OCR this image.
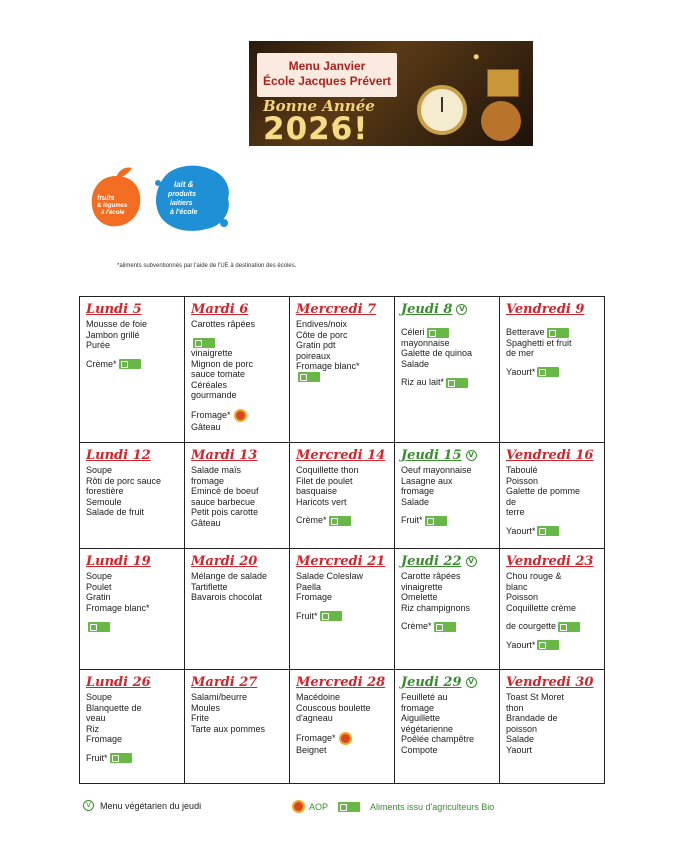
Menu Janvier
École Jacques Prévert
Bonne Année
2026!
fruits
& légumes
à l'école
lait &
produits
laitiers
à l'école
*aliments subventionnés par l'aide de l'UE à destination des écoles.
Lundi 5
Mousse de foie
Jambon grillé
Purée
Crème*
Mardi 6
Carottes râpées
vinaigrette
Mignon de porc
sauce tomate
Céréales
gourmande
Fromage*
Gâteau
Mercredi 7
Endives/noix
Côte de porc
Gratin pdt
poireaux
Fromage blanc*
Jeudi 8 V
Céleri
mayonnaise
Galette de quinoa
Salade
Riz au lait*
Vendredi 9
Betterave
Spaghetti et fruit
de mer
Yaourt*
Lundi 12
Soupe
Rôti de porc sauce
forestière
Semoule
Salade de fruit
Mardi 13
Salade maïs
fromage
Emincé de boeuf
sauce barbecue
Petit pois carotte
Gâteau
Mercredi 14
Coquillette thon
Filet de poulet
basquaise
Haricots vert
Crème*
Jeudi 15 V
Oeuf mayonnaise
Lasagne aux
fromage
Salade
Fruit*
Vendredi 16
Taboulé
Poisson
Galette de pomme
de
terre
Yaourt*
Lundi 19
Soupe
Poulet
Gratin
Fromage blanc*
Mardi 20
Mélange de salade
Tartiflette
Bavarois chocolat
Mercredi 21
Salade Coleslaw
Paella
Fromage
Fruit*
Jeudi 22 V
Carotte râpées
vinaigrette
Omelette
Riz champignons
Crème*
Vendredi 23
Chou rouge &
blanc
Poisson
Coquillette crème
de courgette
Yaourt*
Lundi 26
Soupe
Blanquette de
veau
Riz
Fromage
Fruit*
Mardi 27
Salami/beurre
Moules
Frite
Tarte aux pommes
Mercredi 28
Macédoine
Couscous boulette
d'agneau
Fromage*
Beignet
Jeudi 29 V
Feuilleté au
fromage
Aiguillette
végétarienne
Poêlée champêtre
Compote
Vendredi 30
Toast St Moret
thon
Brandade de
poisson
Salade
Yaourt
V	Menu végétarien du jeudi	AOP	Aliments issu d'agriculteurs Bio
